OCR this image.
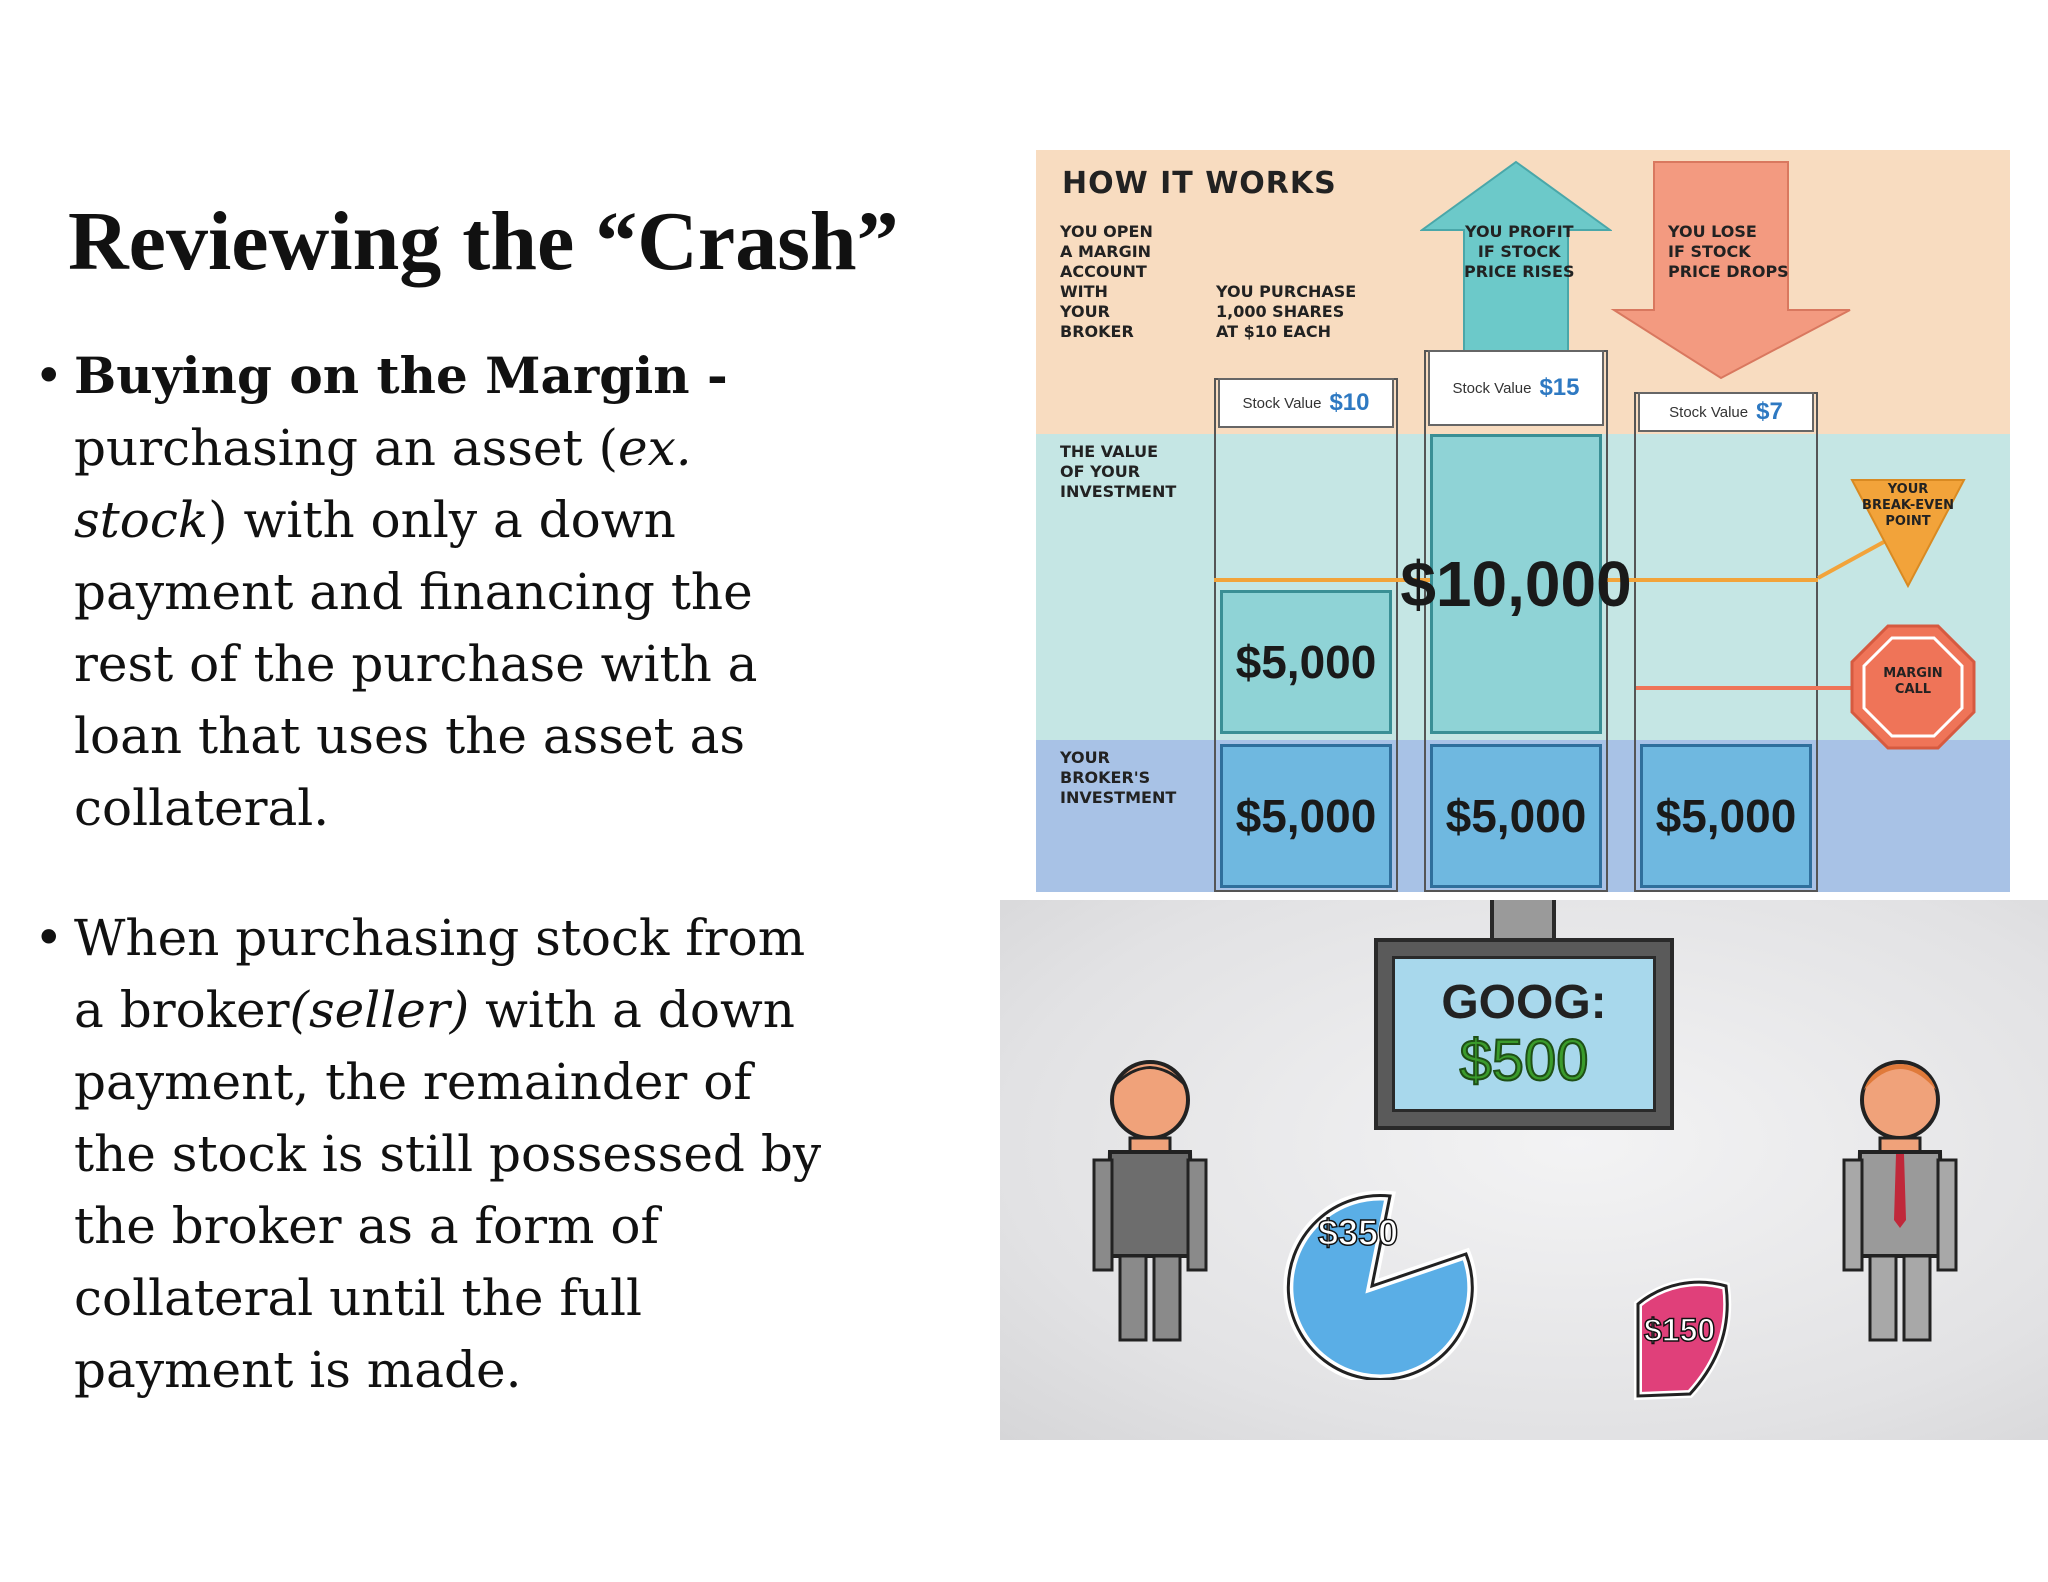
Reviewing the “Crash”
• Buying on the Margin -
purchasing an asset (ex.
stock) with only a down
payment and financing the
rest of the purchase with a
loan that uses the asset as
collateral.
• When purchasing stock from
a broker(seller) with a down
payment, the remainder of
the stock is still possessed by
the broker as a form of
collateral until the full
payment is made.
HOW IT WORKS
YOU OPEN
A MARGIN
ACCOUNT
WITH
YOUR
BROKER
YOU PURCHASE
1,000 SHARES
AT $10 EACH
THE VALUE
OF YOUR
INVESTMENT
YOUR
BROKER'S
INVESTMENT
YOU PROFIT
IF STOCK
PRICE RISES
YOU LOSE
IF STOCK
PRICE DROPS
Stock Value $10
Stock Value $15
Stock Value $7
$5,000
$10,000
$5,000	$5,000	$5,000
YOUR
BREAK-EVEN
POINT
MARGIN
CALL
GOOG:
$500
$350
$150
